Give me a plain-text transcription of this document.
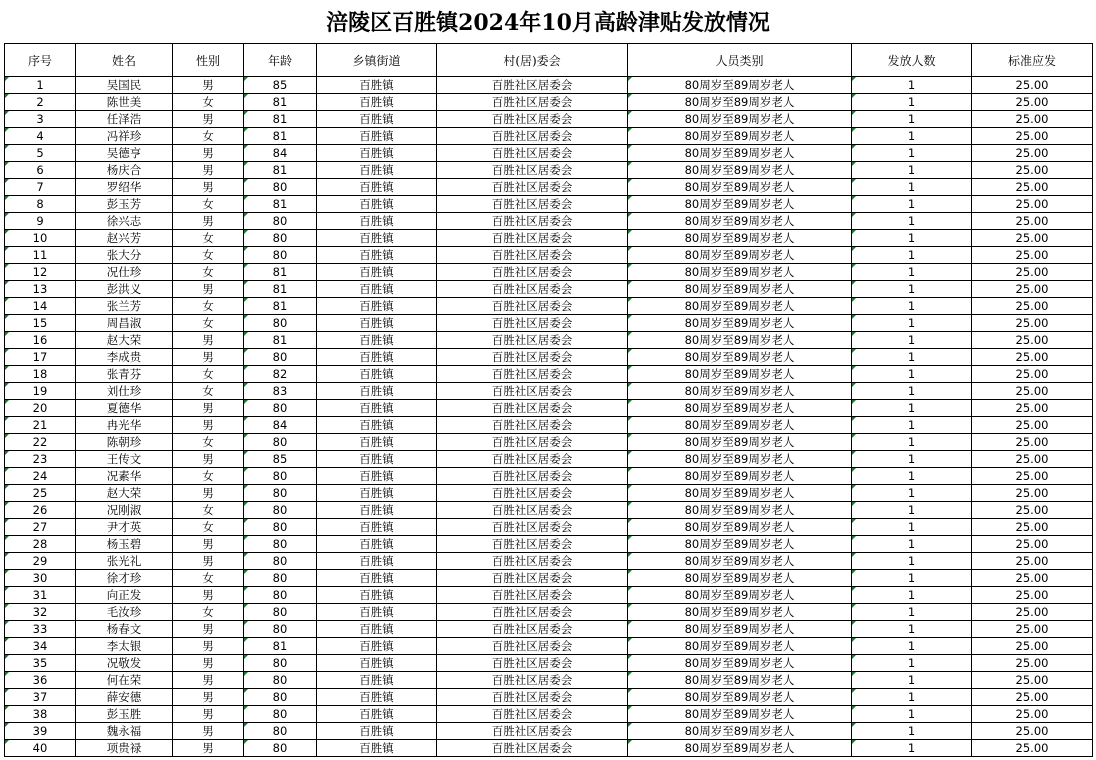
涪陵区百胜镇2024年10月高龄津贴发放情况
序号	姓名	性别	年龄	乡镇街道	村(居)委会	人员类别	发放人数	标准应发
1	吴国民	男	85	百胜镇	百胜社区居委会	80周岁至89周岁老人	1	25.00
2	陈世美	女	81	百胜镇	百胜社区居委会	80周岁至89周岁老人	1	25.00
3	任泽浩	男	81	百胜镇	百胜社区居委会	80周岁至89周岁老人	1	25.00
4	冯祥珍	女	81	百胜镇	百胜社区居委会	80周岁至89周岁老人	1	25.00
5	吴德亨	男	84	百胜镇	百胜社区居委会	80周岁至89周岁老人	1	25.00
6	杨庆合	男	81	百胜镇	百胜社区居委会	80周岁至89周岁老人	1	25.00
7	罗绍华	男	80	百胜镇	百胜社区居委会	80周岁至89周岁老人	1	25.00
8	彭玉芳	女	81	百胜镇	百胜社区居委会	80周岁至89周岁老人	1	25.00
9	徐兴志	男	80	百胜镇	百胜社区居委会	80周岁至89周岁老人	1	25.00
10	赵兴芳	女	80	百胜镇	百胜社区居委会	80周岁至89周岁老人	1	25.00
11	张大分	女	80	百胜镇	百胜社区居委会	80周岁至89周岁老人	1	25.00
12	况仕珍	女	81	百胜镇	百胜社区居委会	80周岁至89周岁老人	1	25.00
13	彭洪义	男	81	百胜镇	百胜社区居委会	80周岁至89周岁老人	1	25.00
14	张兰芳	女	81	百胜镇	百胜社区居委会	80周岁至89周岁老人	1	25.00
15	周昌淑	女	80	百胜镇	百胜社区居委会	80周岁至89周岁老人	1	25.00
16	赵大荣	男	81	百胜镇	百胜社区居委会	80周岁至89周岁老人	1	25.00
17	李成贵	男	80	百胜镇	百胜社区居委会	80周岁至89周岁老人	1	25.00
18	张青芬	女	82	百胜镇	百胜社区居委会	80周岁至89周岁老人	1	25.00
19	刘仕珍	女	83	百胜镇	百胜社区居委会	80周岁至89周岁老人	1	25.00
20	夏德华	男	80	百胜镇	百胜社区居委会	80周岁至89周岁老人	1	25.00
21	冉光华	男	84	百胜镇	百胜社区居委会	80周岁至89周岁老人	1	25.00
22	陈朝珍	女	80	百胜镇	百胜社区居委会	80周岁至89周岁老人	1	25.00
23	王传文	男	85	百胜镇	百胜社区居委会	80周岁至89周岁老人	1	25.00
24	况素华	女	80	百胜镇	百胜社区居委会	80周岁至89周岁老人	1	25.00
25	赵大荣	男	80	百胜镇	百胜社区居委会	80周岁至89周岁老人	1	25.00
26	况刚淑	女	80	百胜镇	百胜社区居委会	80周岁至89周岁老人	1	25.00
27	尹才英	女	80	百胜镇	百胜社区居委会	80周岁至89周岁老人	1	25.00
28	杨玉碧	男	80	百胜镇	百胜社区居委会	80周岁至89周岁老人	1	25.00
29	张光礼	男	80	百胜镇	百胜社区居委会	80周岁至89周岁老人	1	25.00
30	徐才珍	女	80	百胜镇	百胜社区居委会	80周岁至89周岁老人	1	25.00
31	向正发	男	80	百胜镇	百胜社区居委会	80周岁至89周岁老人	1	25.00
32	毛汝珍	女	80	百胜镇	百胜社区居委会	80周岁至89周岁老人	1	25.00
33	杨春文	男	80	百胜镇	百胜社区居委会	80周岁至89周岁老人	1	25.00
34	李太银	男	81	百胜镇	百胜社区居委会	80周岁至89周岁老人	1	25.00
35	况敬发	男	80	百胜镇	百胜社区居委会	80周岁至89周岁老人	1	25.00
36	何在荣	男	80	百胜镇	百胜社区居委会	80周岁至89周岁老人	1	25.00
37	薛安德	男	80	百胜镇	百胜社区居委会	80周岁至89周岁老人	1	25.00
38	彭玉胜	男	80	百胜镇	百胜社区居委会	80周岁至89周岁老人	1	25.00
39	魏永福	男	80	百胜镇	百胜社区居委会	80周岁至89周岁老人	1	25.00
40	项贵禄	男	80	百胜镇	百胜社区居委会	80周岁至89周岁老人	1	25.00
